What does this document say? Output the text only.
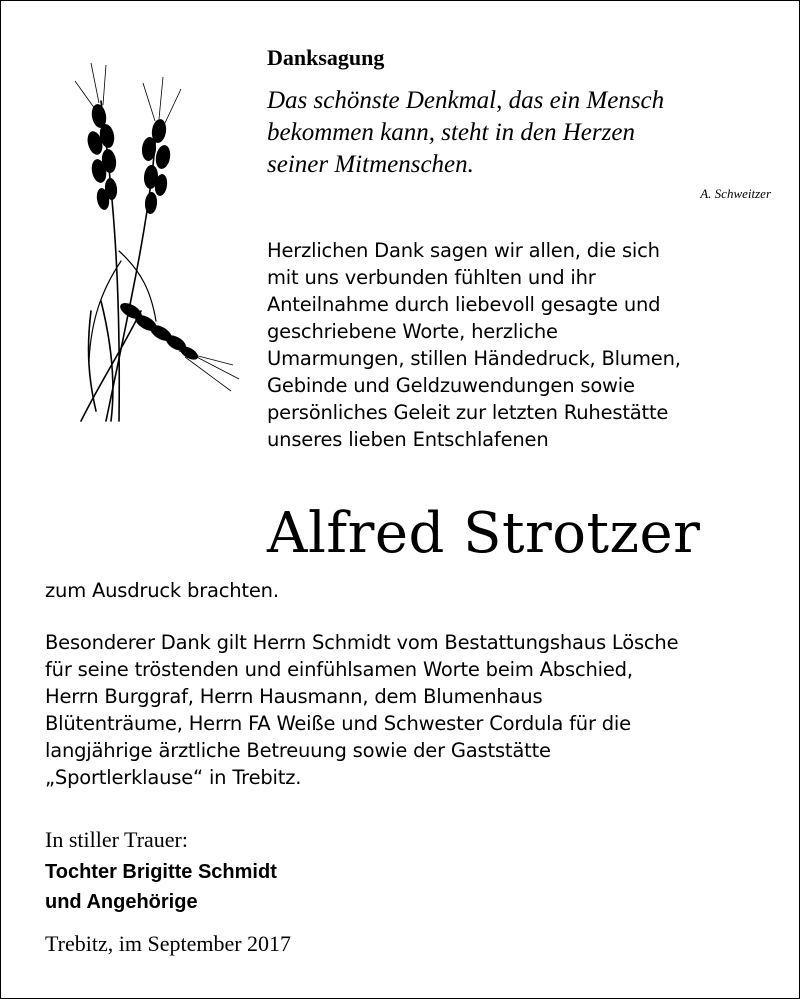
Danksagung
Das schönste Denkmal, das ein Mensch
bekommen kann, steht in den Herzen
seiner Mitmenschen.
A. Schweitzer
Herzlichen Dank sagen wir allen, die sich
mit uns verbunden fühlten und ihr
Anteilnahme durch liebevoll gesagte und
geschriebene Worte, herzliche
Umarmungen, stillen Händedruck, Blumen,
Gebinde und Geldzuwendungen sowie
persönliches Geleit zur letzten Ruhestätte
unseres lieben Entschlafenen
Alfred Strotzer
zum Ausdruck brachten.
Besonderer Dank gilt Herrn Schmidt vom Bestattungshaus Lösche
für seine tröstenden und einfühlsamen Worte beim Abschied,
Herrn Burggraf, Herrn Hausmann, dem Blumenhaus
Blütenträume, Herrn FA Weiße und Schwester Cordula für die
langjährige ärztliche Betreuung sowie der Gaststätte
„Sportlerklause“ in Trebitz.
In stiller Trauer:
Tochter Brigitte Schmidt
und Angehörige
Trebitz, im September 2017
